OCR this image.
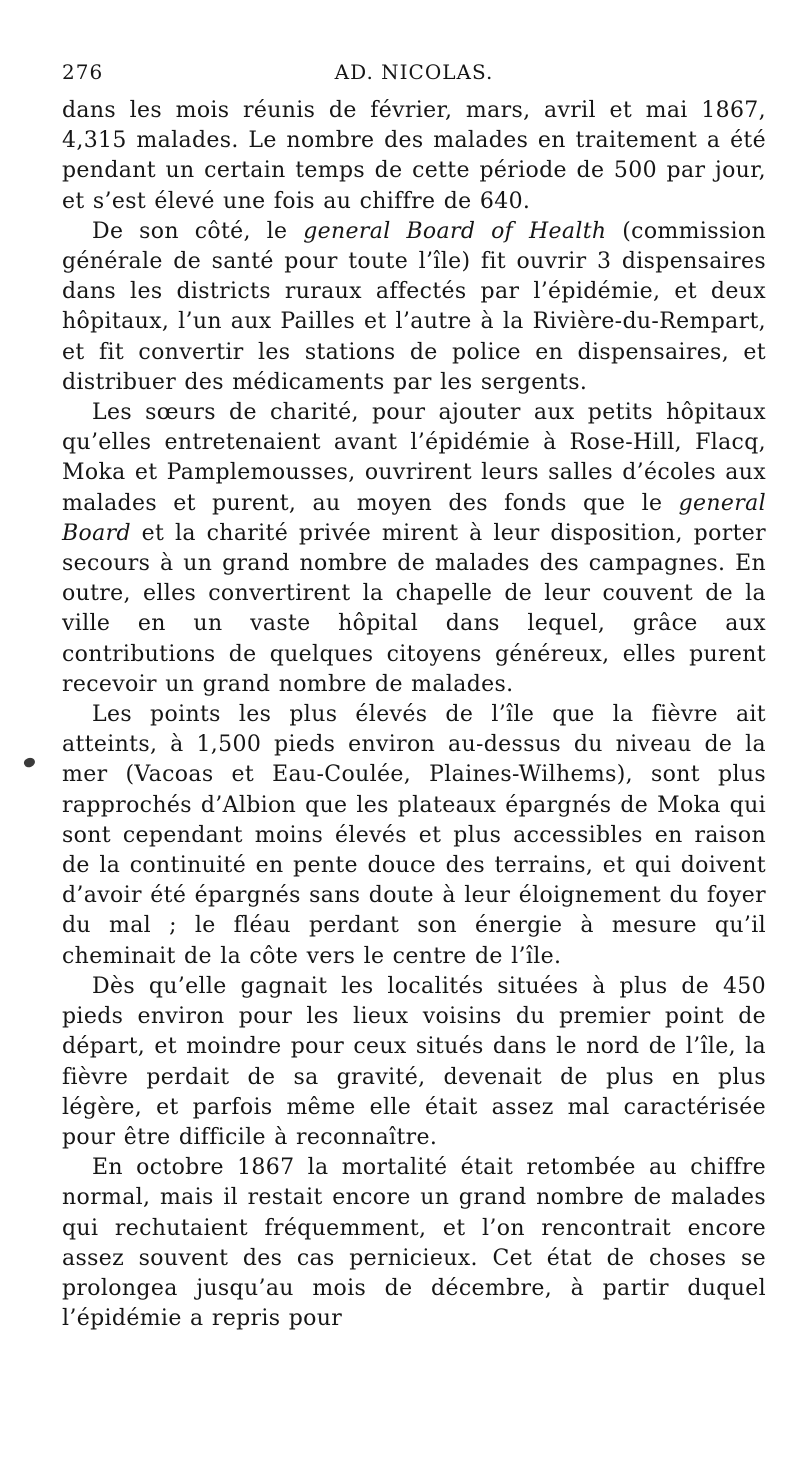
276	AD. NICOLAS.

dans les mois réunis de février, mars, avril et mai 1867, 4,315 malades. Le nombre des malades en traitement a été pendant un certain temps de cette période de 500 par jour, et s’est élevé une fois au chiffre de 640.

De son côté, le general Board of Health (commission générale de santé pour toute l’île) fit ouvrir 3 dispensaires dans les districts ruraux affectés par l’épidémie, et deux hôpitaux, l’un aux Pailles et l’autre à la Rivière-du-Rempart, et fit convertir les stations de police en dispensaires, et distribuer des médicaments par les sergents.

Les sœurs de charité, pour ajouter aux petits hôpitaux qu’elles entretenaient avant l’épidémie à Rose-Hill, Flacq, Moka et Pamplemousses, ouvrirent leurs salles d’écoles aux malades et purent, au moyen des fonds que le general Board et la charité privée mirent à leur disposition, porter secours à un grand nombre de malades des campagnes. En outre, elles convertirent la chapelle de leur couvent de la ville en un vaste hôpital dans lequel, grâce aux contributions de quelques citoyens généreux, elles purent recevoir un grand nombre de malades.

Les points les plus élevés de l’île que la fièvre ait atteints, à 1,500 pieds environ au-dessus du niveau de la mer (Vacoas et Eau-Coulée, Plaines-Wilhems), sont plus rapprochés d’Albion que les plateaux épargnés de Moka qui sont cependant moins élevés et plus accessibles en raison de la continuité en pente douce des terrains, et qui doivent d’avoir été épargnés sans doute à leur éloignement du foyer du mal ; le fléau perdant son énergie à mesure qu’il cheminait de la côte vers le centre de l’île.

Dès qu’elle gagnait les localités situées à plus de 450 pieds environ pour les lieux voisins du premier point de départ, et moindre pour ceux situés dans le nord de l’île, la fièvre perdait de sa gravité, devenait de plus en plus légère, et parfois même elle était assez mal caractérisée pour être difficile à reconnaître.

En octobre 1867 la mortalité était retombée au chiffre normal, mais il restait encore un grand nombre de malades qui rechutaient fréquemment, et l’on rencontrait encore assez souvent des cas pernicieux. Cet état de choses se prolongea jusqu’au mois de décembre, à partir duquel l’épidémie a repris pour
